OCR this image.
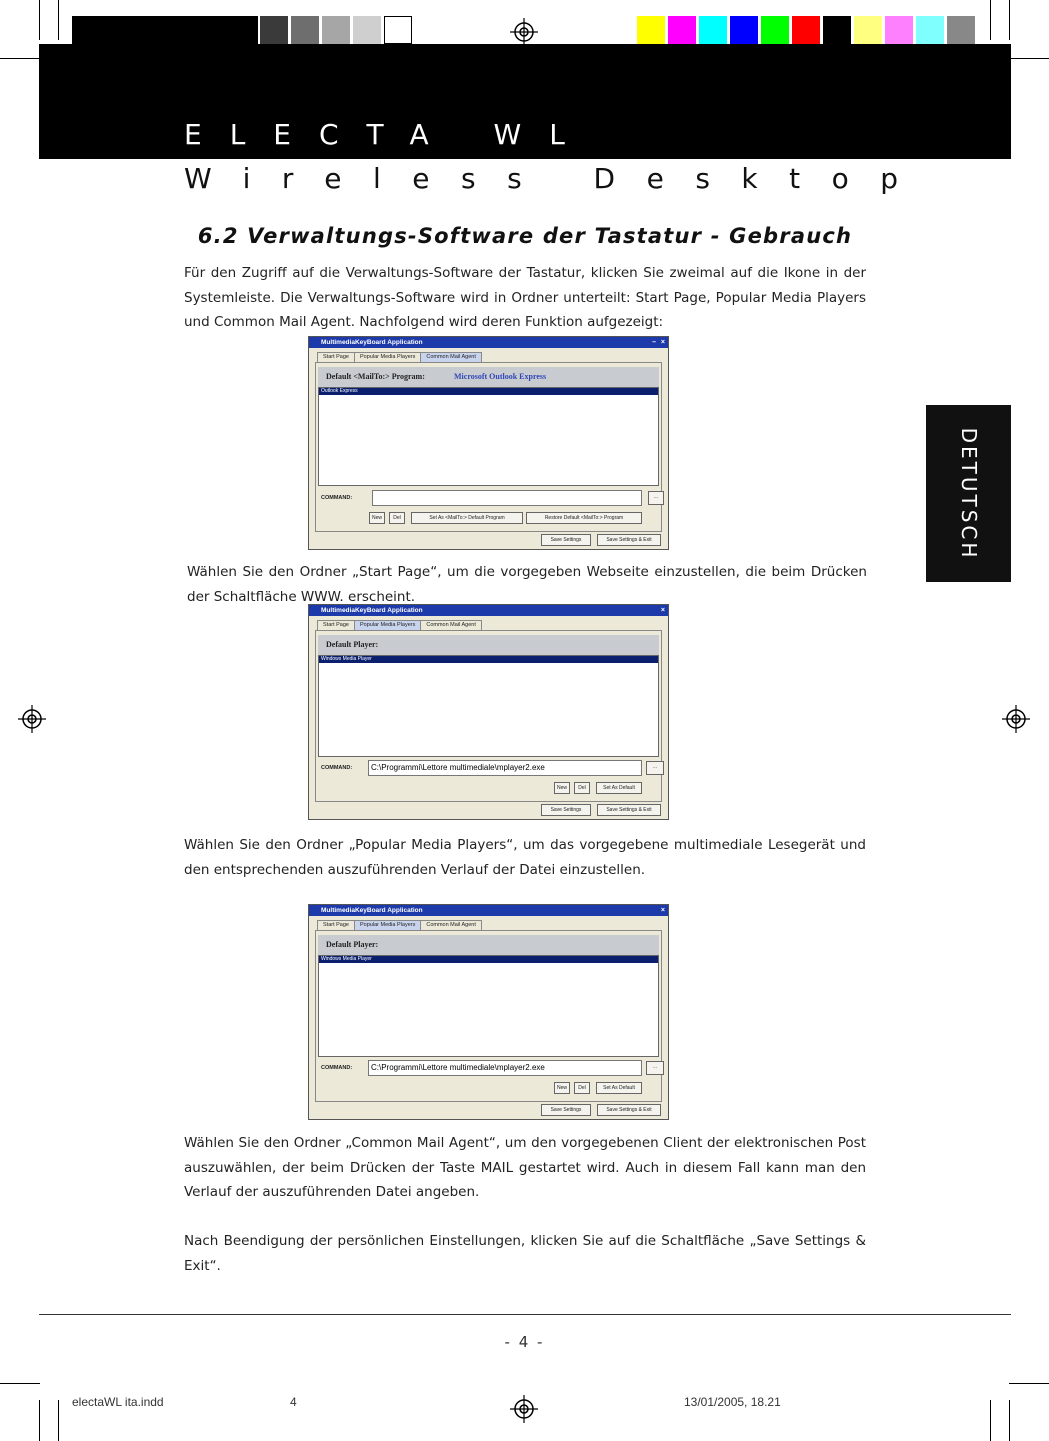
ELECTA WL
Wireless Desktop
DETUTSCH
6.2 Verwaltungs-Software der Tastatur - Gebrauch

Für den Zugriff auf die Verwaltungs-Software der Tastatur, klicken Sie zweimal auf die Ikone in der Systemleiste. Die Verwaltungs-Software wird in Ordner unterteilt: Start Page, Popular Media Players und Common Mail Agent. Nachfolgend wird deren Funktion aufgezeigt:

MultimediaKeyBoard Application	– ×
Start Page	Popular Media Players	Common Mail Agent
Default <MailTo:> Program:	Microsoft Outlook Express
Outlook Express
COMMAND:	...
New	Del	Set As <MailTo:> Default Program	Restore Default <MailTo:> Program
Save Settings	Save Settings & Exit

Wählen Sie den Ordner „Start Page“, um die vorgegeben Webseite einzustellen, die beim Drücken der Schaltfläche WWW. erscheint.

MultimediaKeyBoard Application	×
Start Page	Popular Media Players	Common Mail Agent
Default Player:
Windows Media Player
COMMAND:	C:\Programmi\Lettore multimediale\mplayer2.exe	...
New	Del	Set As Default
Save Settings	Save Settings & Exit

Wählen Sie den Ordner „Popular Media Players“, um das vorgegebene multimediale Lesegerät und den entsprechenden auszuführenden Verlauf der Datei einzustellen.

MultimediaKeyBoard Application	×
Start Page	Popular Media Players	Common Mail Agent
Default Player:
Windows Media Player
COMMAND:	C:\Programmi\Lettore multimediale\mplayer2.exe	...
New	Del	Set As Default
Save Settings	Save Settings & Exit

Wählen Sie den Ordner „Common Mail Agent“, um den vorgegebenen Client der elektronischen Post auszuwählen, der beim Drücken der Taste MAIL gestartet wird. Auch in diesem Fall kann man den Verlauf der auszuführenden Datei angeben.

Nach Beendigung der persönlichen Einstellungen, klicken Sie auf die Schaltfläche „Save Settings & Exit“.

- 4 -
electaWL ita.indd	4	13/01/2005, 18.21
